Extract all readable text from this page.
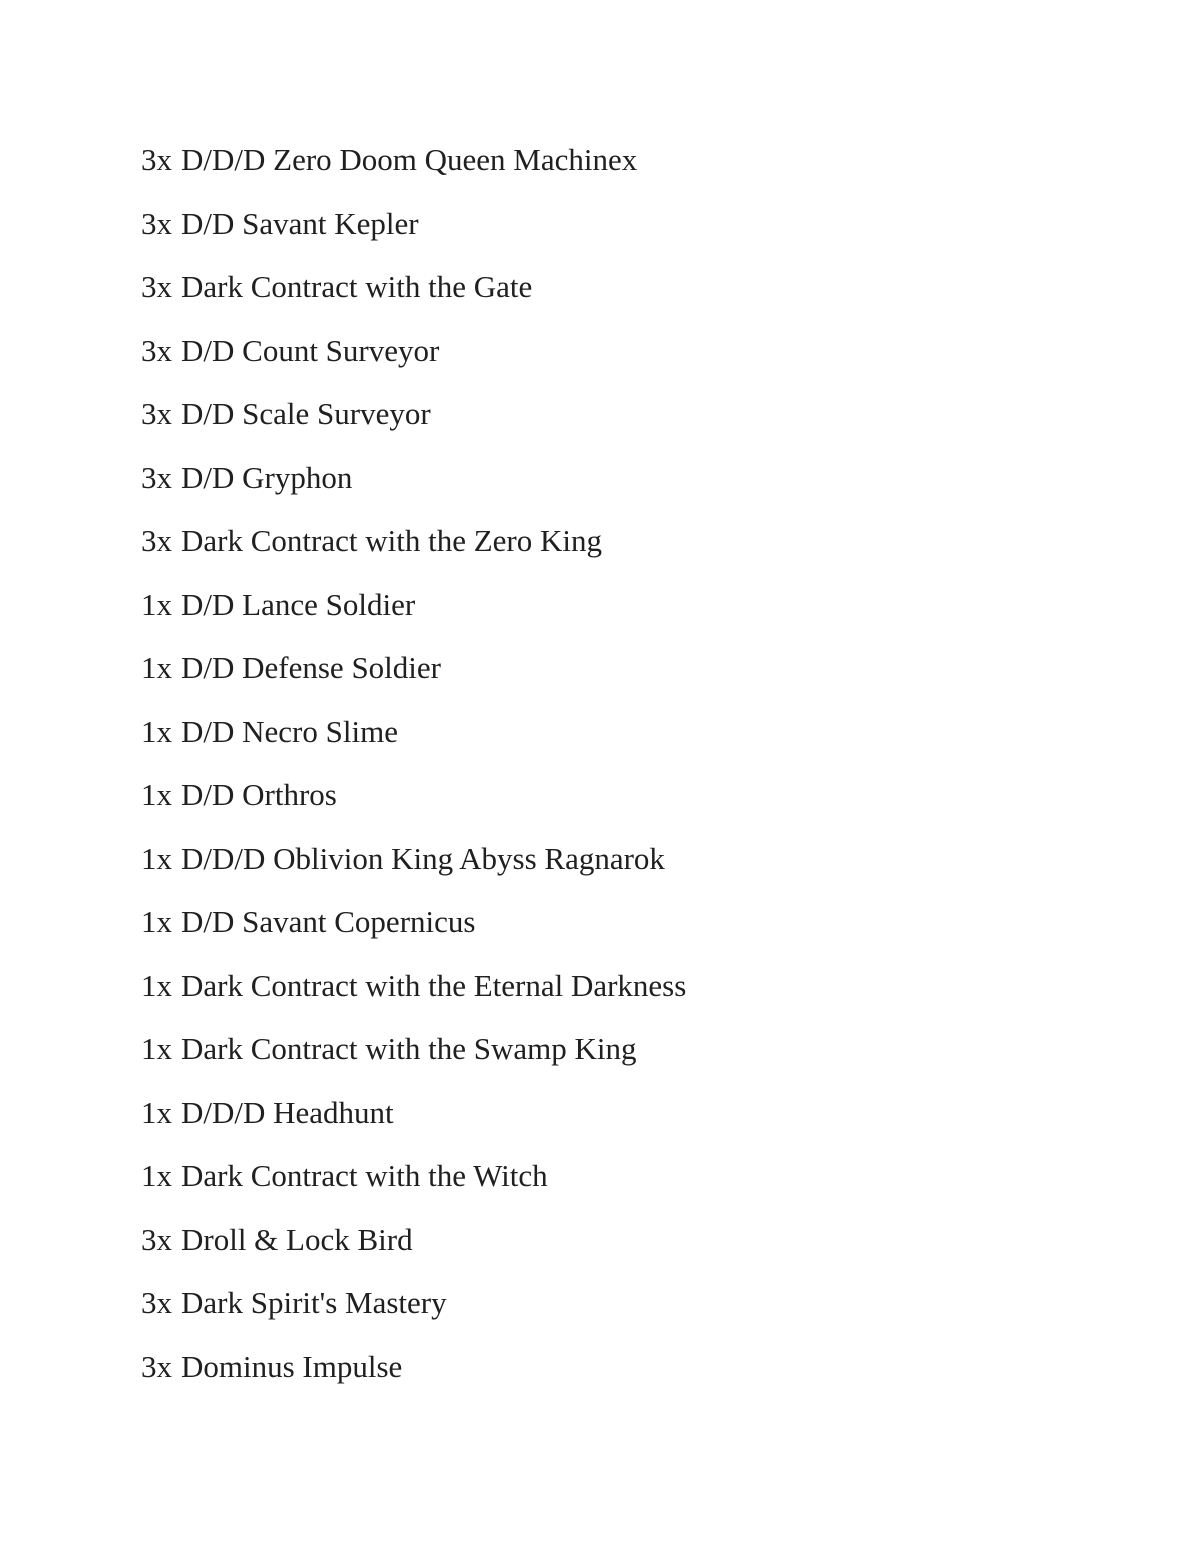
3x D/D/D Zero Doom Queen Machinex
3x D/D Savant Kepler
3x Dark Contract with the Gate
3x D/D Count Surveyor
3x D/D Scale Surveyor
3x D/D Gryphon
3x Dark Contract with the Zero King
1x D/D Lance Soldier
1x D/D Defense Soldier
1x D/D Necro Slime
1x D/D Orthros
1x D/D/D Oblivion King Abyss Ragnarok
1x D/D Savant Copernicus
1x Dark Contract with the Eternal Darkness
1x Dark Contract with the Swamp King
1x D/D/D Headhunt
1x Dark Contract with the Witch
3x Droll & Lock Bird
3x Dark Spirit's Mastery
3x Dominus Impulse
